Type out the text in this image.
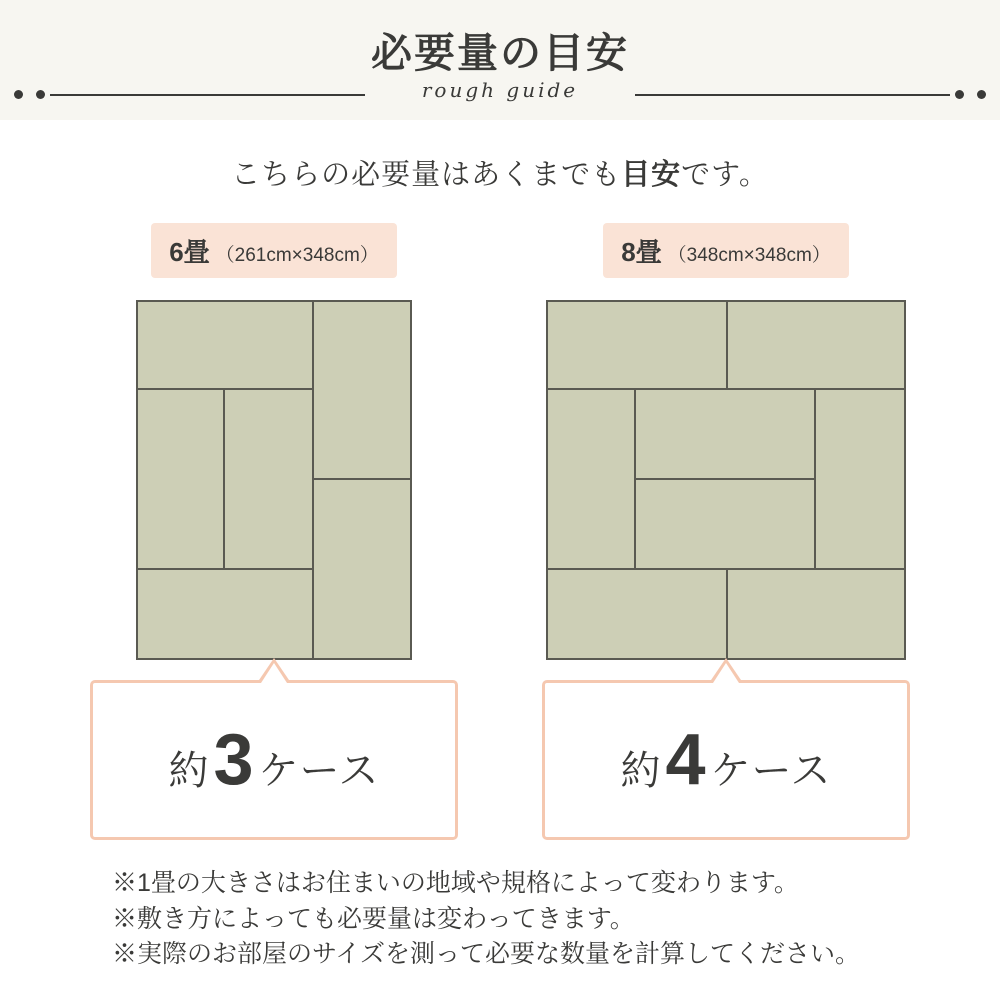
必要量の目安
rough guide
こちらの必要量はあくまでも目安です。
6畳 （261cm×348cm）
約 3 ケース
8畳 （348cm×348cm）
約 4 ケース
※1畳の大きさはお住まいの地域や規格によって変わります。
※敷き方によっても必要量は変わってきます。
※実際のお部屋のサイズを測って必要な数量を計算してください。
